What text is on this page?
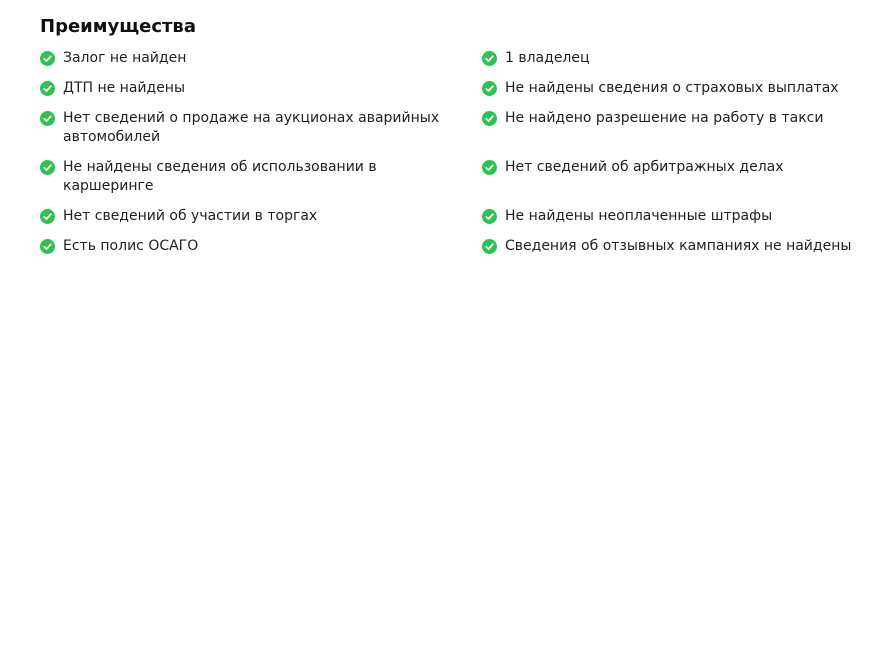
Преимущества
Залог не найден	1 владелец
ДТП не найдены	Не найдены сведения о страховых выплатах
Нет сведений о продаже на аукционах аварийных автомобилей
Не найдено разрешение на работу в такси
Не найдены сведения об использовании в каршеринге
Нет сведений об арбитражных делах
Нет сведений об участии в торгах	Не найдены неоплаченные штрафы
Есть полис ОСАГО	Сведения об отзывных кампаниях не найдены
